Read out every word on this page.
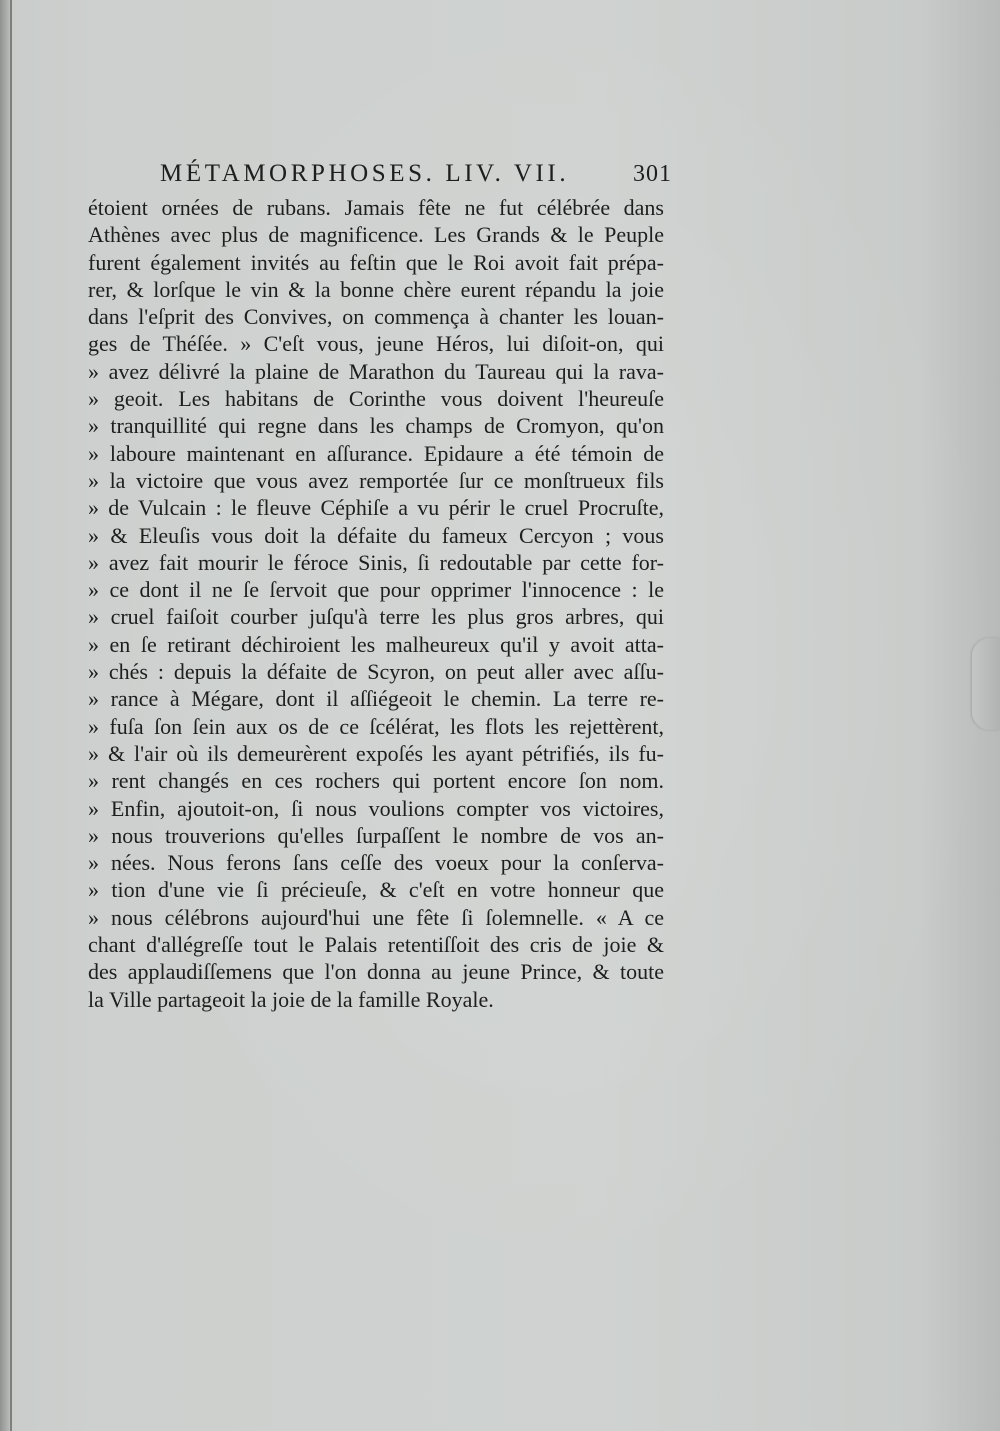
MÉTAMORPHOSES. LIV. VII.	301
étoient ornées de rubans. Jamais fête ne fut célébrée dans
Athènes avec plus de magnificence. Les Grands & le Peuple
furent également invités au feſtin que le Roi avoit fait prépa-
rer, & lorſque le vin & la bonne chère eurent répandu la joie
dans l'eſprit des Convives, on commença à chanter les louan-
ges de Théſée. » C'eſt vous, jeune Héros, lui diſoit-on, qui
» avez délivré la plaine de Marathon du Taureau qui la rava-
» geoit. Les habitans de Corinthe vous doivent l'heureuſe
» tranquillité qui regne dans les champs de Cromyon, qu'on
» laboure maintenant en aſſurance. Epidaure a été témoin de
» la victoire que vous avez remportée ſur ce monſtrueux fils
» de Vulcain : le fleuve Céphiſe a vu périr le cruel Procruſte,
» & Eleuſis vous doit la défaite du fameux Cercyon ; vous
» avez fait mourir le féroce Sinis, ſi redoutable par cette for-
» ce dont il ne ſe ſervoit que pour opprimer l'innocence : le
» cruel faiſoit courber juſqu'à terre les plus gros arbres, qui
» en ſe retirant déchiroient les malheureux qu'il y avoit atta-
» chés : depuis la défaite de Scyron, on peut aller avec aſſu-
» rance à Mégare, dont il aſſiégeoit le chemin. La terre re-
» fuſa ſon ſein aux os de ce ſcélérat, les flots les rejettèrent,
» & l'air où ils demeurèrent expoſés les ayant pétrifiés, ils fu-
» rent changés en ces rochers qui portent encore ſon nom.
» Enfin, ajoutoit-on, ſi nous voulions compter vos victoires,
» nous trouverions qu'elles ſurpaſſent le nombre de vos an-
» nées. Nous ferons ſans ceſſe des voeux pour la conſerva-
» tion d'une vie ſi précieuſe, & c'eſt en votre honneur que
» nous célébrons aujourd'hui une fête ſi ſolemnelle. « A ce
chant d'allégreſſe tout le Palais retentiſſoit des cris de joie &
des applaudiſſemens que l'on donna au jeune Prince, & toute
la Ville partageoit la joie de la famille Royale.
